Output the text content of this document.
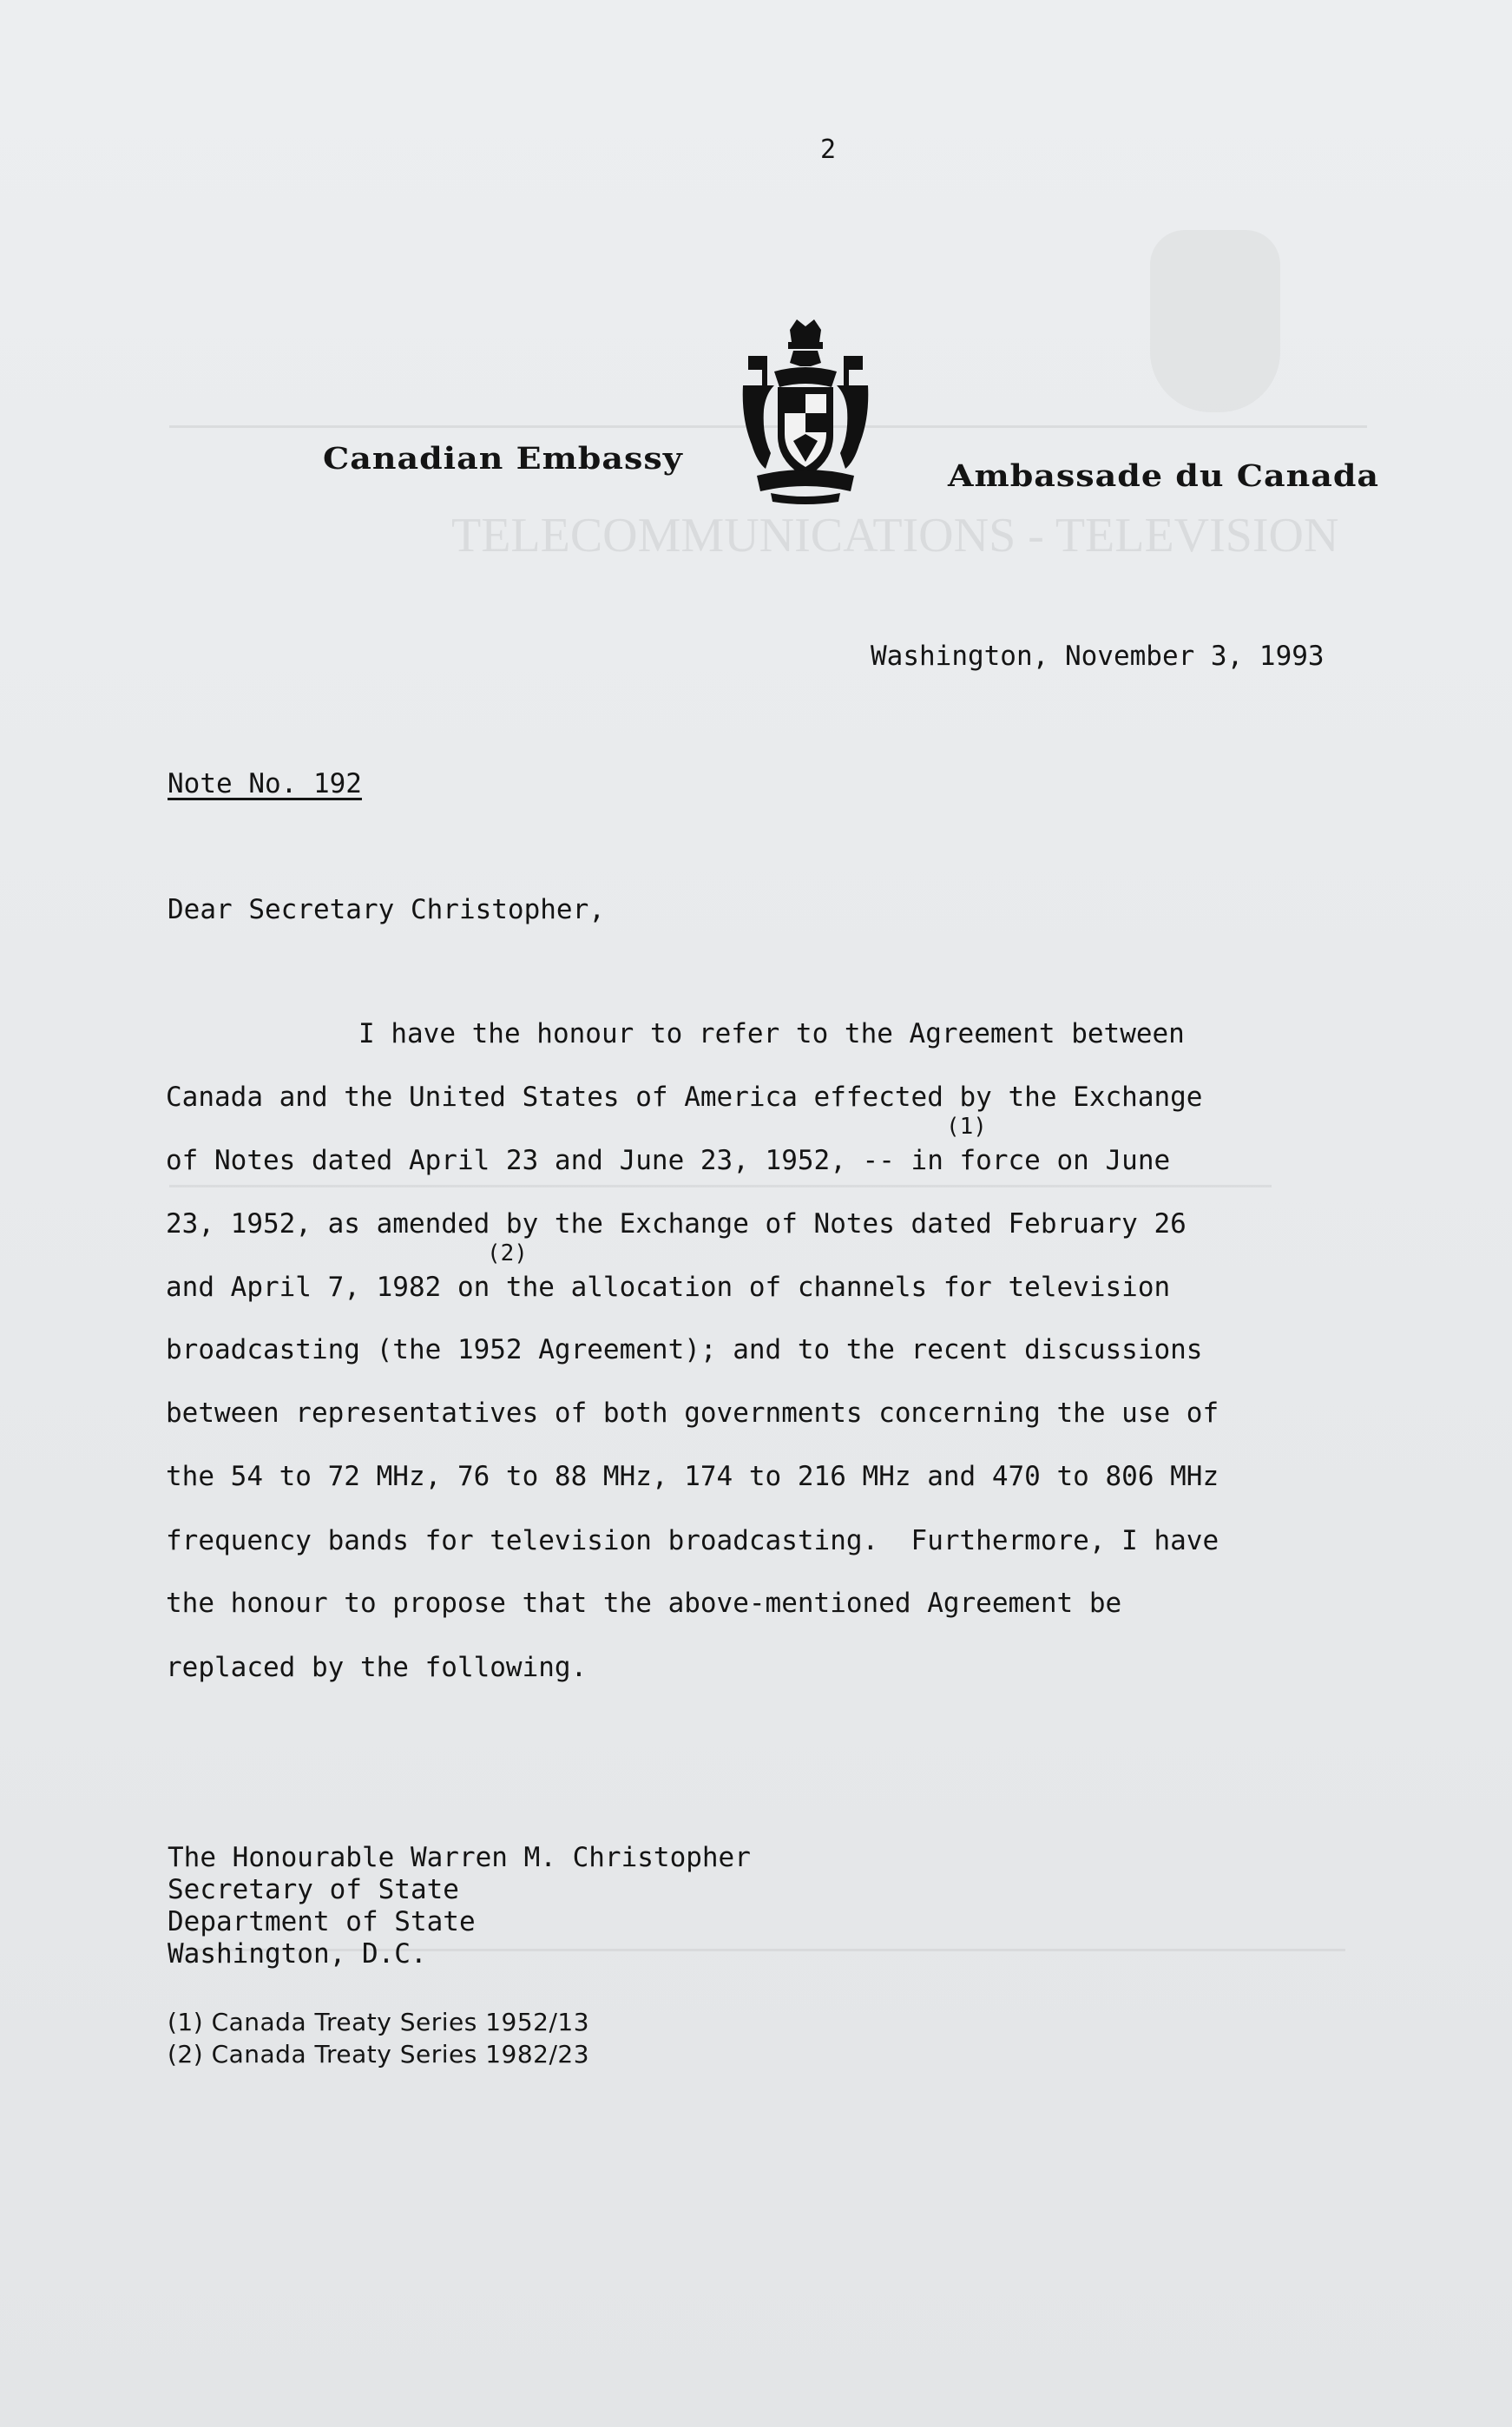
TELECOMMUNICATIONS - TELEVISION
2
Canadian Embassy	Ambassade du Canada
Washington, November 3, 1993
Note No. 192
Dear Secretary Christopher,
I have the honour to refer to the Agreement between
Canada and the United States of America effected by the Exchange
(1)
of Notes dated April 23 and June 23, 1952, -- in force on June
23, 1952, as amended by the Exchange of Notes dated February 26
(2)
and April 7, 1982 on the allocation of channels for television
broadcasting (the 1952 Agreement); and to the recent discussions
between representatives of both governments concerning the use of
the 54 to 72 MHz, 76 to 88 MHz, 174 to 216 MHz and 470 to 806 MHz
frequency bands for television broadcasting.  Furthermore, I have
the honour to propose that the above-mentioned Agreement be
replaced by the following.
The Honourable Warren M. Christopher
Secretary of State
Department of State
Washington, D.C.
(1) Canada Treaty Series 1952/13
(2) Canada Treaty Series 1982/23
